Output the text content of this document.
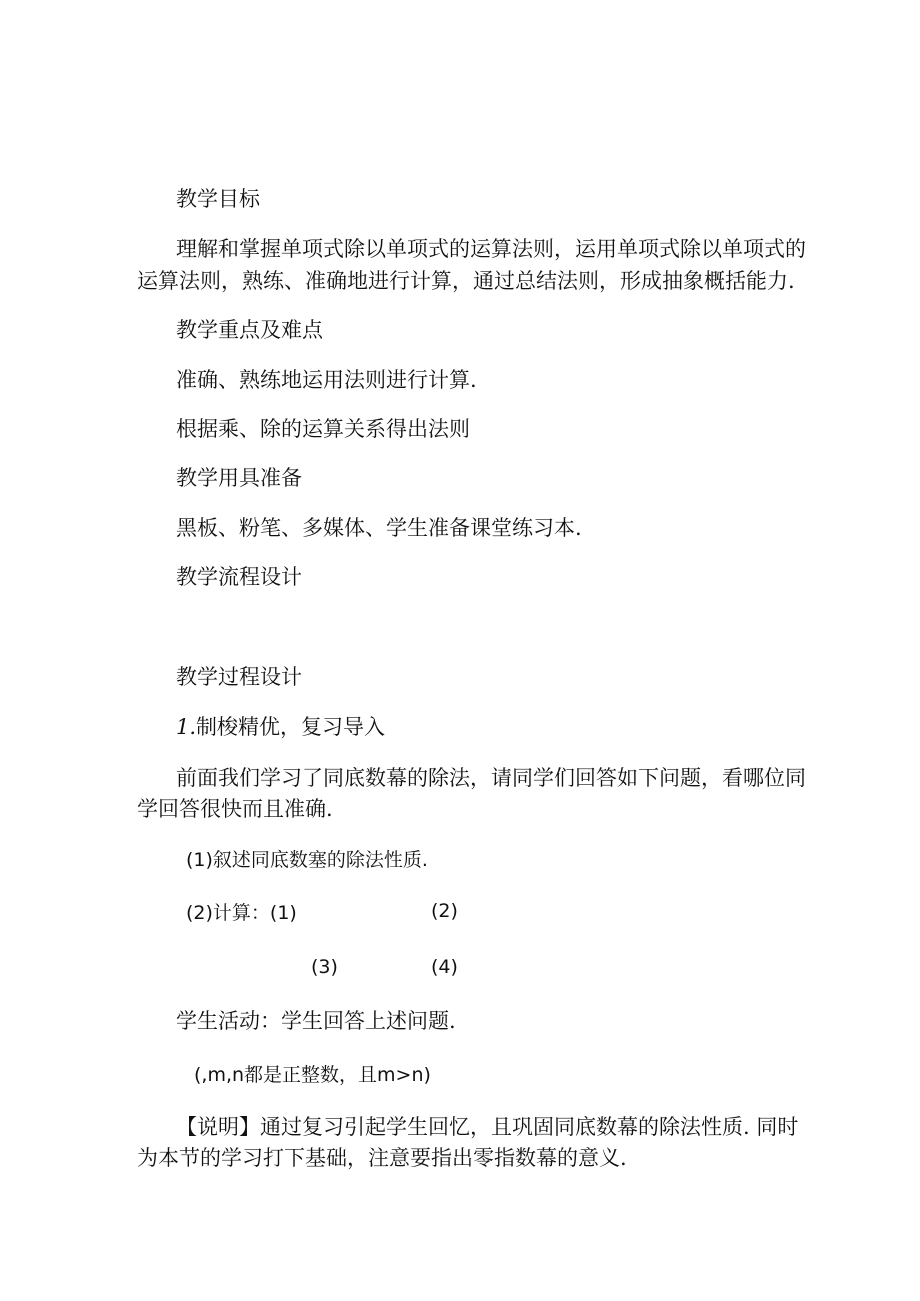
教学目标
理解和掌握单项式除以单项式的运算法则，运用单项式除以单项式的
运算法则，熟练、准确地进行计算，通过总结法则，形成抽象概括能力.
教学重点及难点
准确、熟练地运用法则进行计算.
根据乘、除的运算关系得出法则
教学用具准备
黑板、粉笔、多媒体、学生准备课堂练习本.
教学流程设计
教学过程设计
1.制梭精优，复习导入
前面我们学习了同底数幕的除法，请同学们回答如下问题，看哪位同
学回答很快而且准确.
(1)叙述同底数塞的除法性质.
(2)计算：(1)	(2)
(3)	(4)
学生活动：学生回答上述问题.
(,m,n都是正整数，且m>n)
【说明】通过复习引起学生回忆，且巩固同底数幕的除法性质. 同时
为本节的学习打下基础，注意要指出零指数幕的意义.
